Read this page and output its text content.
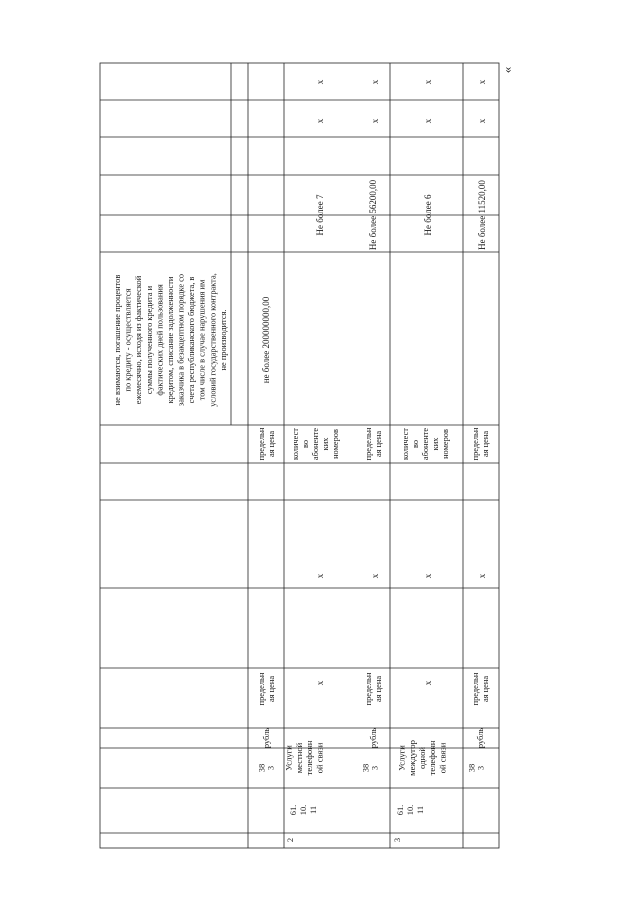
не взимаются, погашение процентов по кредиту - осуществляется ежемесячно, исходя из фактической суммы полученного кредита и фактических дней пользования кредитом, списание задолженности заказчика в безакцептном порядке со счета республиканского бюджета, в том числе в случае нарушения им условий государственного контракта, не производится.	не более 200000000,00
предельн ая цена
предельн ая цена
рубль
38 3
2
61. 10. 11
Услуги местной телефонн ой связи
количест во абоненте ких номеров
Не более 7
х
х
х
х
38 3
рубль
предельн ая цена
х
предельн ая цена
Не более 56200,00
х
х
3
61. 10. 11
Услуги междугор одной телефонн ой связи
х
х
количест во абоненте ких номеров
Не более 6
х
х
38 3
рубль
предельн ая цена
х
предельн ая цена
Не более 11520,00
х
х
»
